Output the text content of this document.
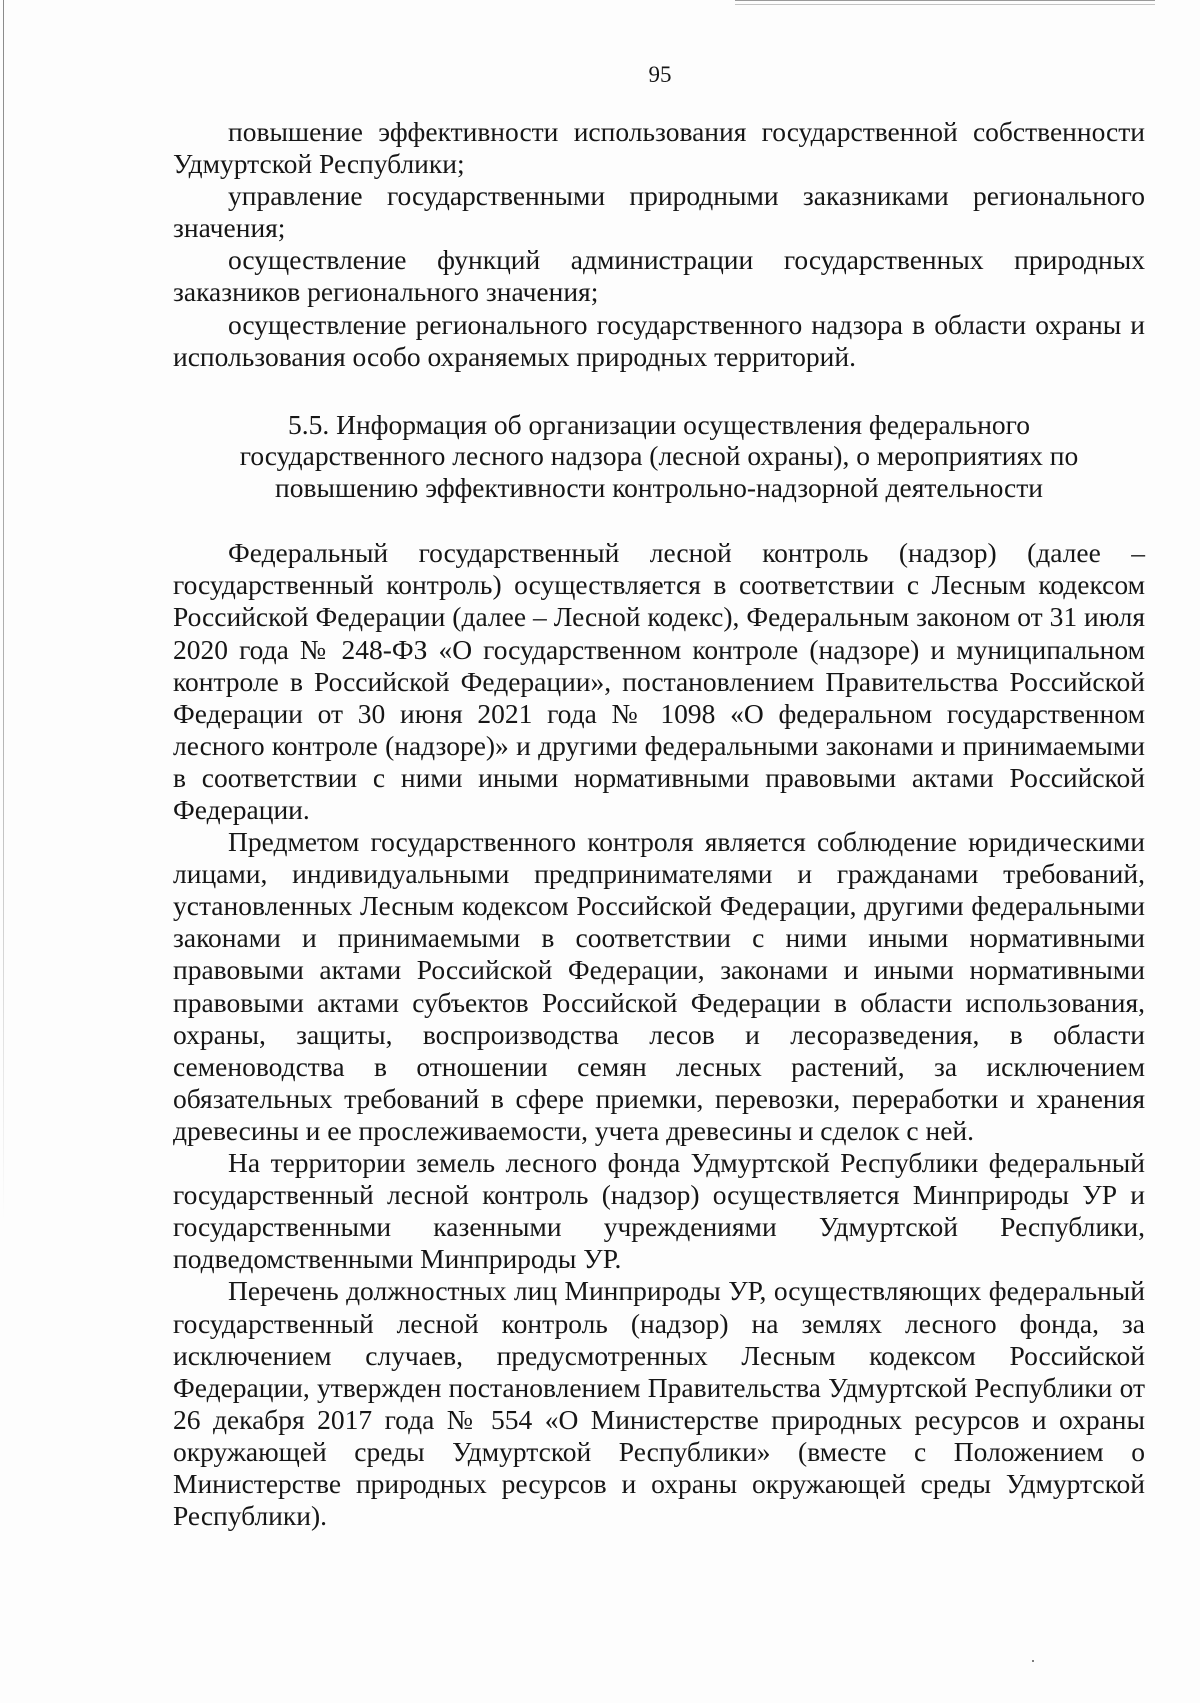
95

повышение эффективности использования государственной собственности Удмуртской Республики;

управление государственными природными заказниками регионального значения;

осуществление функций администрации государственных природных заказников регионального значения;

осуществление регионального государственного надзора в области охраны и использования особо охраняемых природных территорий.

5.5. Информация об организации осуществления федерального
государственного лесного надзора (лесной охраны), о мероприятиях по
повышению эффективности контрольно-надзорной деятельности

Федеральный государственный лесной контроль (надзор) (далее – государственный контроль) осуществляется в соответствии с Лесным кодексом Российской Федерации (далее – Лесной кодекс), Федеральным законом от 31 июля 2020 года № 248-ФЗ «О государственном контроле (надзоре) и муниципальном контроле в Российской Федерации», постановлением Правительства Российской Федерации от 30 июня 2021 года № 1098 «О федеральном государственном лесного контроле (надзоре)» и другими федеральными законами и принимаемыми в соответствии с ними иными нормативными правовыми актами Российской Федерации.

Предметом государственного контроля является соблюдение юридическими лицами, индивидуальными предпринимателями и гражданами требований, установленных Лесным кодексом Российской Федерации, другими федеральными законами и принимаемыми в соответствии с ними иными нормативными правовыми актами Российской Федерации, законами и иными нормативными правовыми актами субъектов Российской Федерации в области использования, охраны, защиты, воспроизводства лесов и лесоразведения, в области семеноводства в отношении семян лесных растений, за исключением обязательных требований в сфере приемки, перевозки, переработки и хранения древесины и ее прослеживаемости, учета древесины и сделок с ней.

На территории земель лесного фонда Удмуртской Республики федеральный государственный лесной контроль (надзор) осуществляется Минприроды УР и государственными казенными учреждениями Удмуртской Республики, подведомственными Минприроды УР.

Перечень должностных лиц Минприроды УР, осуществляющих федеральный государственный лесной контроль (надзор) на землях лесного фонда, за исключением случаев, предусмотренных Лесным кодексом Российской Федерации, утвержден постановлением Правительства Удмуртской Республики от 26 декабря 2017 года № 554 «О Министерстве природных ресурсов и охраны окружающей среды Удмуртской Республики» (вместе с Положением о Министерстве природных ресурсов и охраны окружающей среды Удмуртской Республики).
